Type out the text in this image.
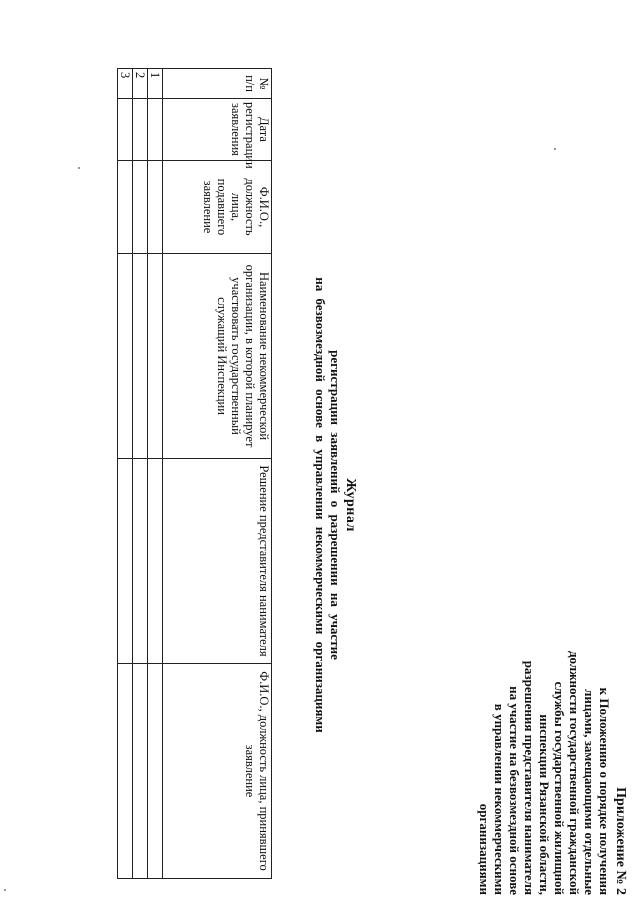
Приложение № 2
к Положению о порядке получения
лицами, замещающими отдельные
должности государственной гражданской
службы государственной жилищной
инспекции Рязанской области,
разрешения представителя нанимателя
на участие на безвозмездной основе
в управлении некоммерческими
организациями
Журнал
регистрации заявлений о разрешении на участие
на безвозмездной основе в управлении некоммерческими организациями
№ п/п	Дата регистрации заявления	Ф.И.О., должность лица, подавшего заявление	Наименование некоммерческой организации, в которой планирует участвовать государственный служащий Инспекции	Решение представителя нанимателя	Ф.И.О., должность лица, принявшего заявление
1					
2					
3					
